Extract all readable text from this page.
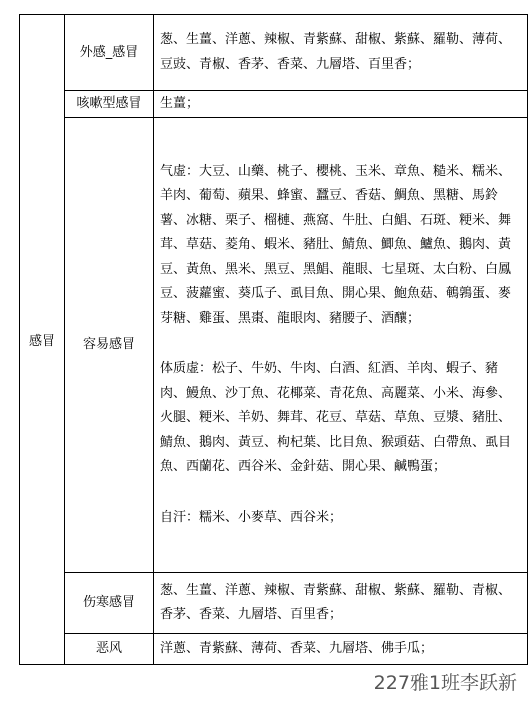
感冒	外感_感冒	葱、生薑、洋蔥、辣椒、青紫蘇、甜椒、紫蘇、羅勒、薄荷、豆豉、青椒、香茅、香菜、九層塔、百里香；

	咳嗽型感冒	生薑；

	容易感冒	气虚：大豆、山藥、桃子、櫻桃、玉米、章魚、糙米、糯米、羊肉、葡萄、蘋果、蜂蜜、蠶豆、香菇、鯛魚、黑糖、馬鈴薯、冰糖、栗子、榴槤、燕窩、牛肚、白鯧、石斑、粳米、舞茸、草菇、菱角、蝦米、豬肚、鯖魚、鯽魚、鱸魚、鵝肉、黃豆、黃魚、黑米、黑豆、黑鯧、龍眼、七星斑、太白粉、白鳳豆、菠蘿蜜、葵瓜子、虱目魚、開心果、鮑魚菇、鵪鶉蛋、麥芽糖、雞蛋、黑棗、龍眼肉、豬腰子、酒釀；

体质虚：松子、牛奶、牛肉、白酒、紅酒、羊肉、蝦子、豬肉、鰻魚、沙丁魚、花椰菜、青花魚、高麗菜、小米、海參、火腿、粳米、羊奶、舞茸、花豆、草菇、草魚、豆漿、豬肚、鯖魚、鵝肉、黃豆、枸杞葉、比目魚、猴頭菇、白帶魚、虱目魚、西蘭花、西谷米、金針菇、開心果、鹹鴨蛋；

自汗：糯米、小麥草、西谷米；

	伤寒感冒	葱、生薑、洋蔥、辣椒、青紫蘇、甜椒、紫蘇、羅勒、青椒、香茅、香菜、九層塔、百里香；

	恶风	洋蔥、青紫蘇、薄荷、香菜、九層塔、佛手瓜；

227雅1班李跃新
